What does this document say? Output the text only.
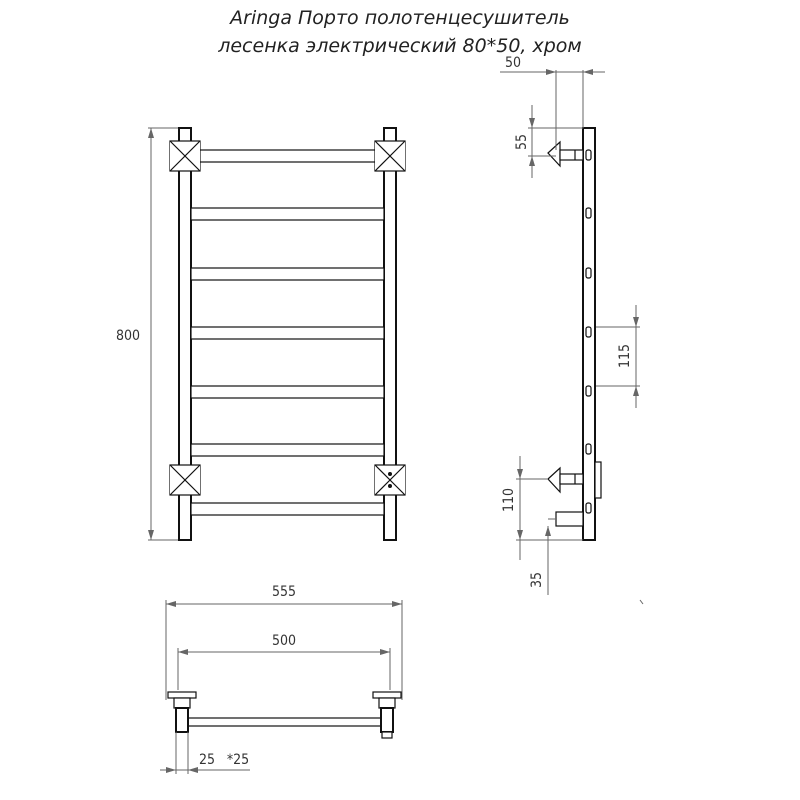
Aringa Порто полотенцесушитель
лесенка электрический 80*50, хром
800
50
55
115
110
35
555
500
25 *25
